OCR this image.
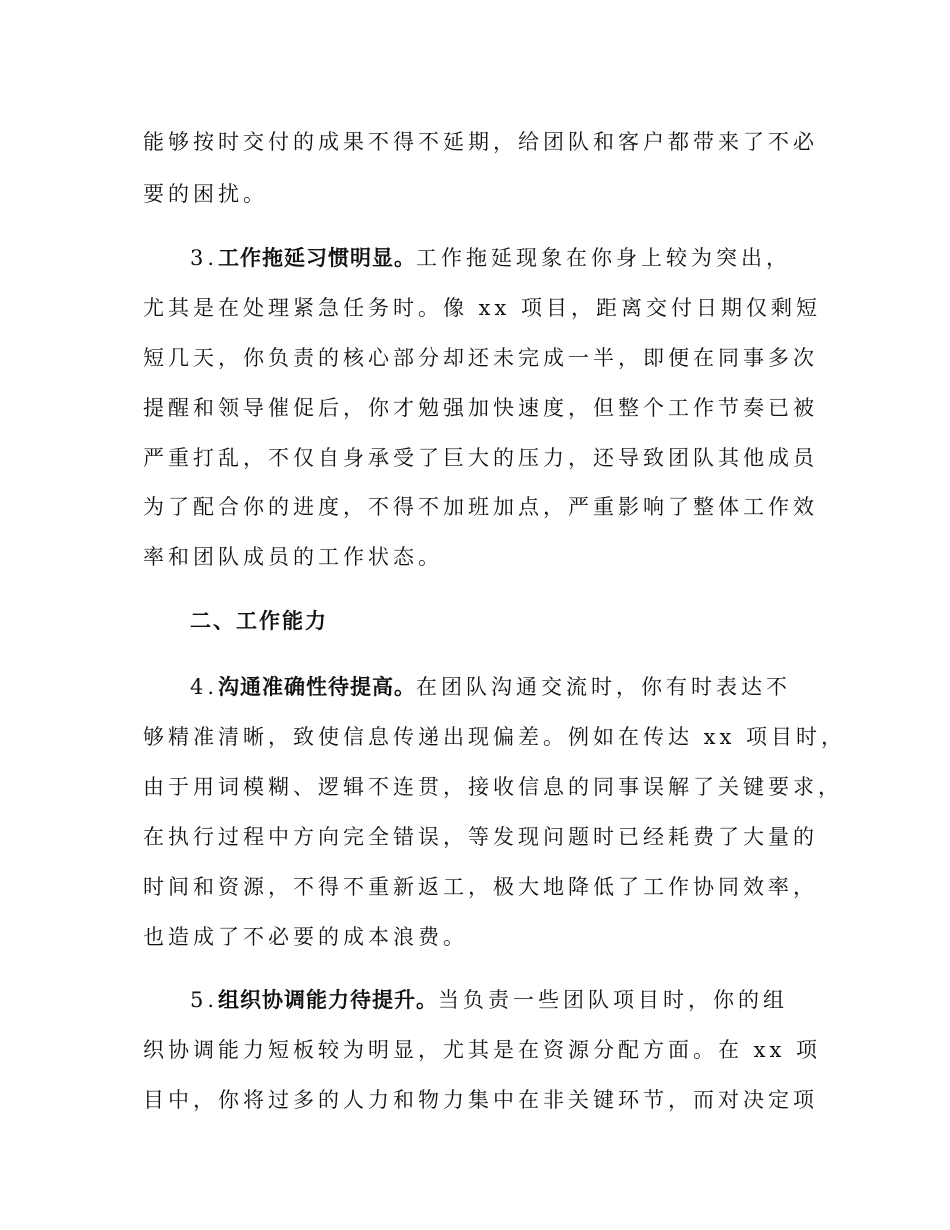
能够按时交付的成果不得不延期，给团队和客户都带来了不必
要的困扰。
3.工作拖延习惯明显。工作拖延现象在你身上较为突出，
尤其是在处理紧急任务时。像 xx 项目，距离交付日期仅剩短
短几天，你负责的核心部分却还未完成一半，即便在同事多次
提醒和领导催促后，你才勉强加快速度，但整个工作节奏已被
严重打乱，不仅自身承受了巨大的压力，还导致团队其他成员
为了配合你的进度，不得不加班加点，严重影响了整体工作效
率和团队成员的工作状态。
二、工作能力
4.沟通准确性待提高。在团队沟通交流时，你有时表达不
够精准清晰，致使信息传递出现偏差。例如在传达 xx 项目时，
由于用词模糊、逻辑不连贯，接收信息的同事误解了关键要求，
在执行过程中方向完全错误，等发现问题时已经耗费了大量的
时间和资源，不得不重新返工，极大地降低了工作协同效率，
也造成了不必要的成本浪费。
5.组织协调能力待提升。当负责一些团队项目时，你的组
织协调能力短板较为明显，尤其是在资源分配方面。在 xx 项
目中，你将过多的人力和物力集中在非关键环节，而对决定项
